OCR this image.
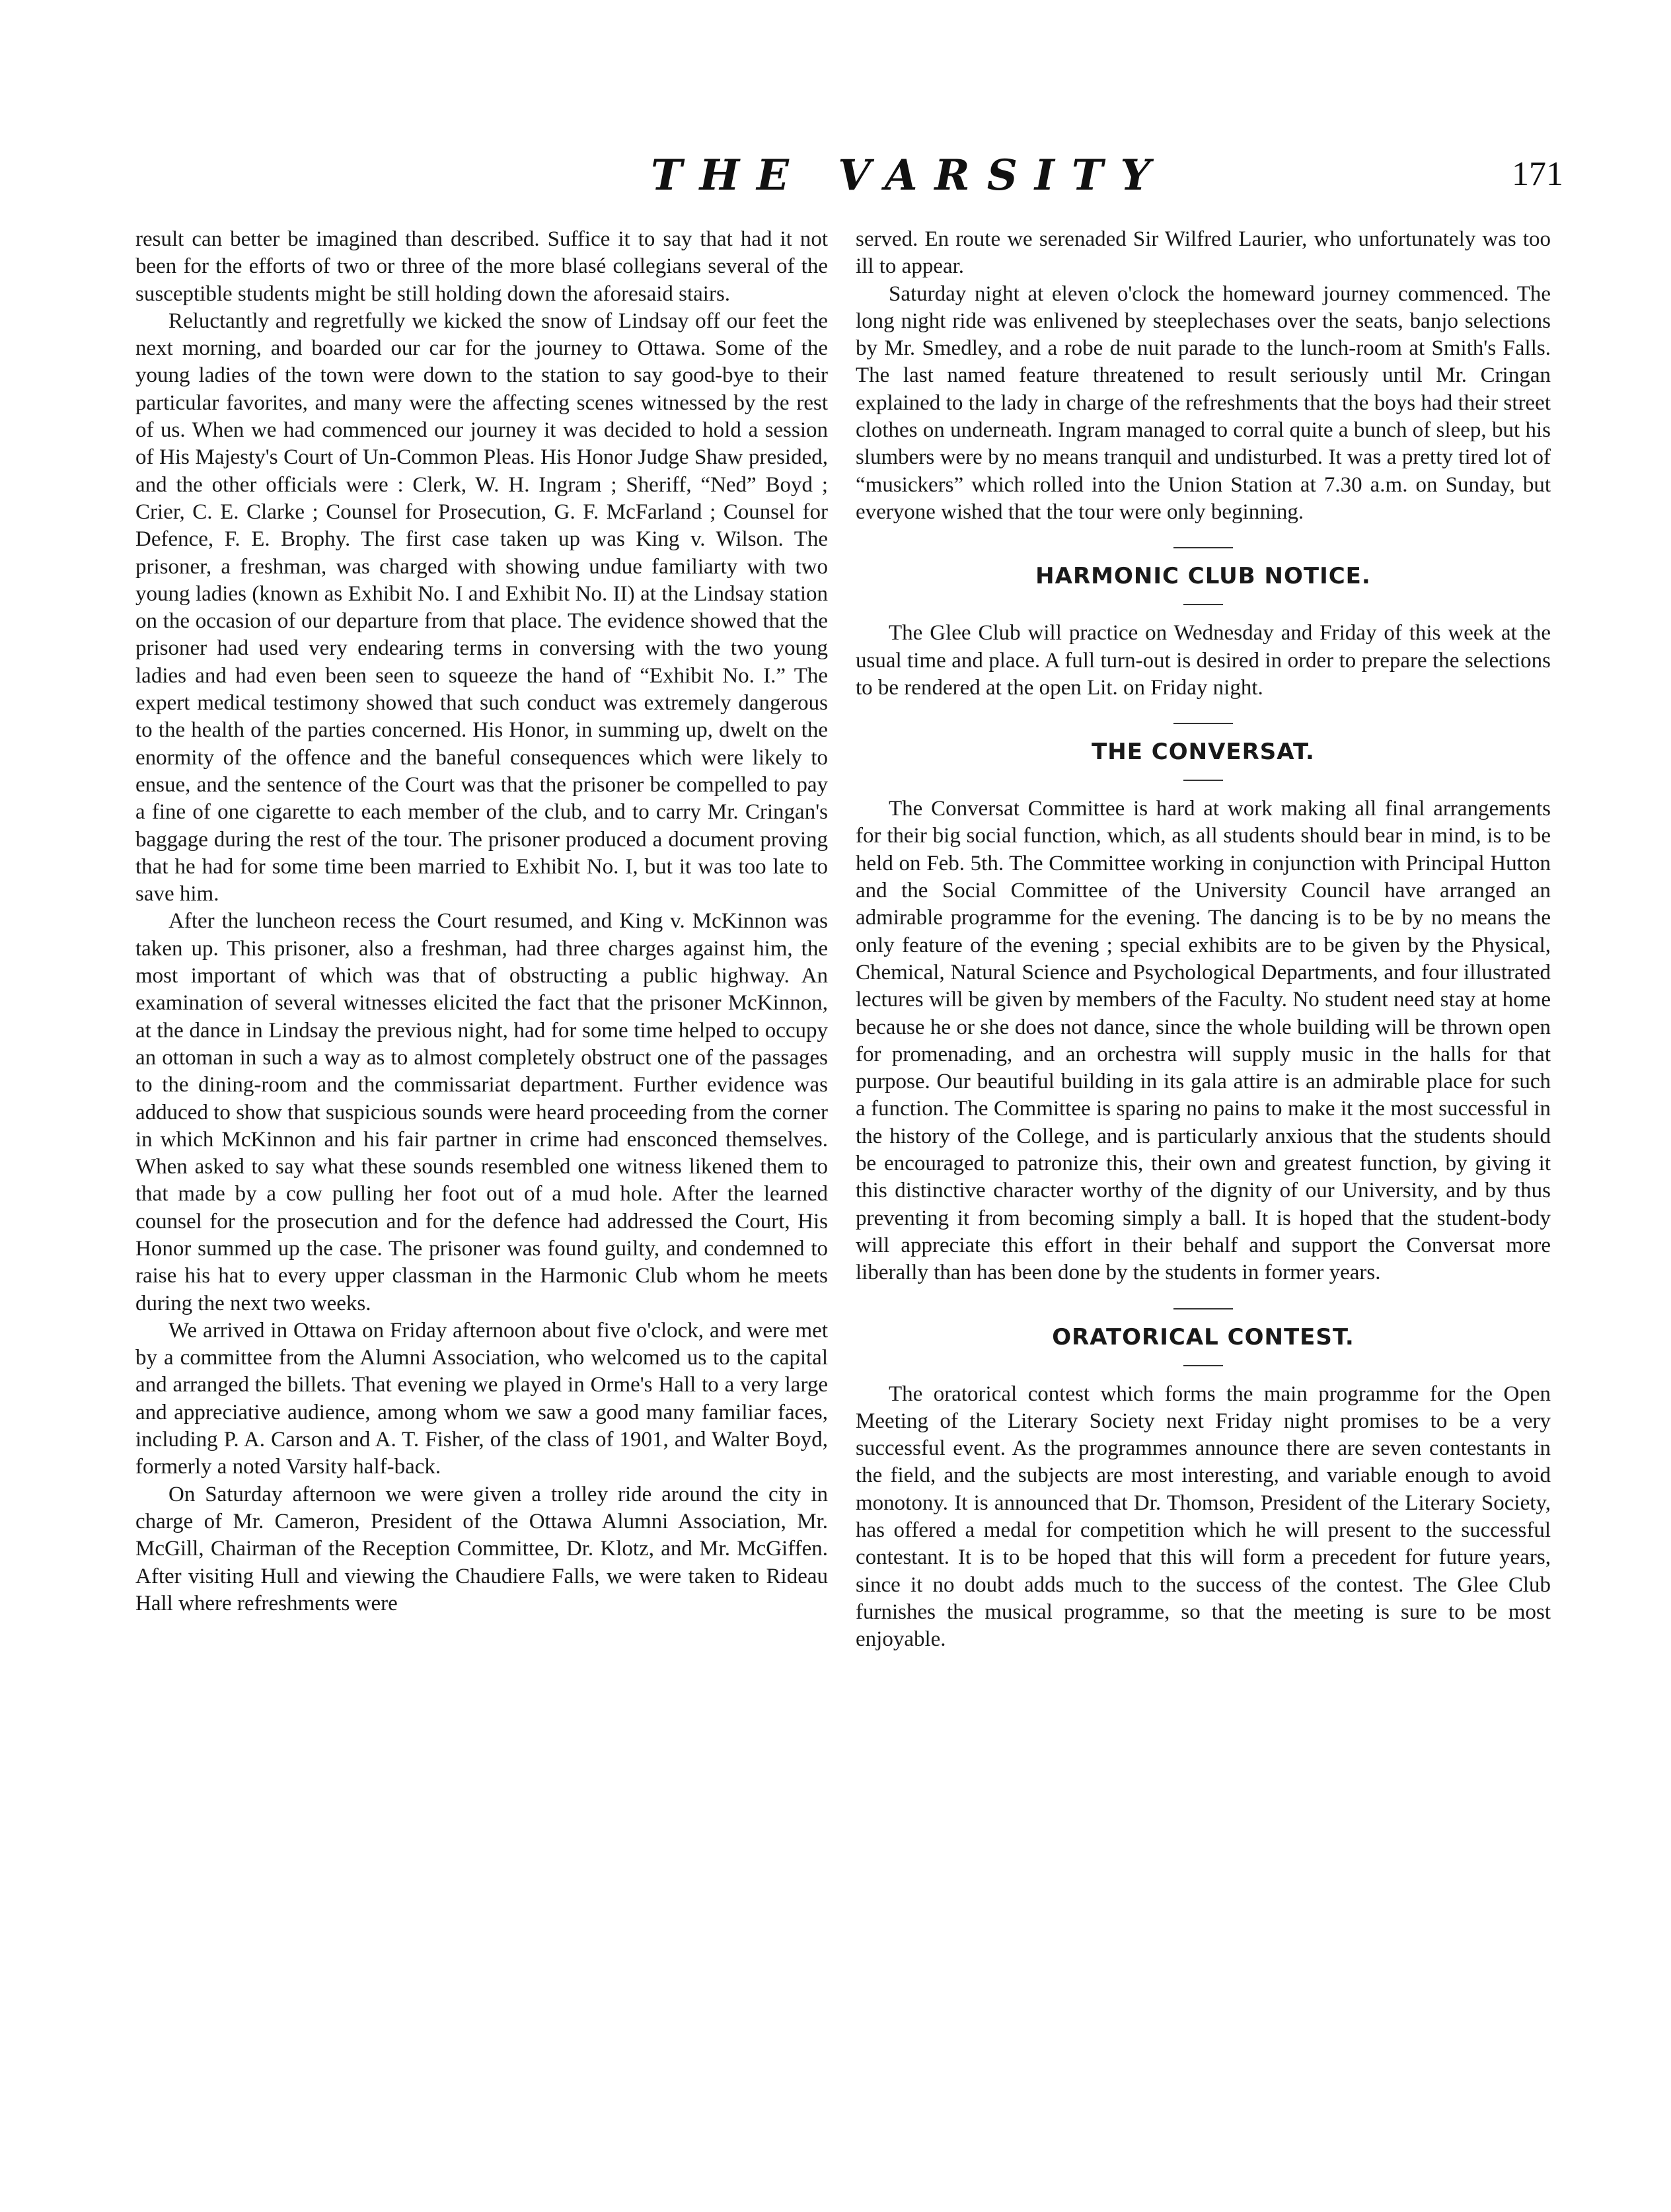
THE VARSITY	171

result can better be imagined than described. Suffice it to say that had it not been for the efforts of two or three of the more blasé collegians several of the susceptible students might be still holding down the aforesaid stairs.

Reluctantly and regretfully we kicked the snow of Lindsay off our feet the next morning, and boarded our car for the journey to Ottawa. Some of the young ladies of the town were down to the station to say good-bye to their particular favorites, and many were the affecting scenes witnessed by the rest of us. When we had commenced our journey it was decided to hold a session of His Majesty's Court of Un-Common Pleas. His Honor Judge Shaw presided, and the other officials were : Clerk, W. H. Ingram ; Sheriff, “Ned” Boyd ; Crier, C. E. Clarke ; Counsel for Prosecution, G. F. McFarland ; Counsel for Defence, F. E. Brophy. The first case taken up was King v. Wilson. The prisoner, a freshman, was charged with showing undue familiarty with two young ladies (known as Exhibit No. I and Exhibit No. II) at the Lindsay station on the occasion of our departure from that place. The evidence showed that the prisoner had used very endearing terms in conversing with the two young ladies and had even been seen to squeeze the hand of “Exhibit No. I.” The expert medical testimony showed that such conduct was extremely dangerous to the health of the parties concerned. His Honor, in summing up, dwelt on the enormity of the offence and the baneful consequences which were likely to ensue, and the sentence of the Court was that the prisoner be compelled to pay a fine of one cigarette to each member of the club, and to carry Mr. Cringan's baggage during the rest of the tour. The prisoner produced a document proving that he had for some time been married to Exhibit No. I, but it was too late to save him.

After the luncheon recess the Court resumed, and King v. McKinnon was taken up. This prisoner, also a freshman, had three charges against him, the most important of which was that of obstructing a public highway. An examination of several witnesses elicited the fact that the prisoner McKinnon, at the dance in Lindsay the previous night, had for some time helped to occupy an ottoman in such a way as to almost completely obstruct one of the passages to the dining-room and the commissariat department. Further evidence was adduced to show that suspicious sounds were heard proceeding from the corner in which McKinnon and his fair partner in crime had ensconced themselves. When asked to say what these sounds resembled one witness likened them to that made by a cow pulling her foot out of a mud hole. After the learned counsel for the prosecution and for the defence had addressed the Court, His Honor summed up the case. The prisoner was found guilty, and condemned to raise his hat to every upper classman in the Harmonic Club whom he meets during the next two weeks.

We arrived in Ottawa on Friday afternoon about five o'clock, and were met by a committee from the Alumni Association, who welcomed us to the capital and arranged the billets. That evening we played in Orme's Hall to a very large and appreciative audience, among whom we saw a good many familiar faces, including P. A. Carson and A. T. Fisher, of the class of 1901, and Walter Boyd, formerly a noted Varsity half-back.

On Saturday afternoon we were given a trolley ride around the city in charge of Mr. Cameron, President of the Ottawa Alumni Association, Mr. McGill, Chairman of the Reception Committee, Dr. Klotz, and Mr. McGiffen. After visiting Hull and viewing the Chaudiere Falls, we were taken to Rideau Hall where refreshments were

served. En route we serenaded Sir Wilfred Laurier, who unfortunately was too ill to appear.

Saturday night at eleven o'clock the homeward journey commenced. The long night ride was enlivened by steeplechases over the seats, banjo selections by Mr. Smedley, and a robe de nuit parade to the lunch-room at Smith's Falls. The last named feature threatened to result seriously until Mr. Cringan explained to the lady in charge of the refreshments that the boys had their street clothes on underneath. Ingram managed to corral quite a bunch of sleep, but his slumbers were by no means tranquil and undisturbed. It was a pretty tired lot of “musickers” which rolled into the Union Station at 7.30 a.m. on Sunday, but everyone wished that the tour were only beginning.

HARMONIC CLUB NOTICE.

The Glee Club will practice on Wednesday and Friday of this week at the usual time and place. A full turn-out is desired in order to prepare the selections to be rendered at the open Lit. on Friday night.

THE CONVERSAT.

The Conversat Committee is hard at work making all final arrangements for their big social function, which, as all students should bear in mind, is to be held on Feb. 5th. The Committee working in conjunction with Principal Hutton and the Social Committee of the University Council have arranged an admirable programme for the evening. The dancing is to be by no means the only feature of the evening ; special exhibits are to be given by the Physical, Chemical, Natural Science and Psychological Departments, and four illustrated lectures will be given by members of the Faculty. No student need stay at home because he or she does not dance, since the whole building will be thrown open for promenading, and an orchestra will supply music in the halls for that purpose. Our beautiful building in its gala attire is an admirable place for such a function. The Committee is sparing no pains to make it the most successful in the history of the College, and is particularly anxious that the students should be encouraged to patronize this, their own and greatest function, by giving it this distinctive character worthy of the dignity of our University, and by thus preventing it from becoming simply a ball. It is hoped that the student-body will appreciate this effort in their behalf and support the Conversat more liberally than has been done by the students in former years.

ORATORICAL CONTEST.

The oratorical contest which forms the main programme for the Open Meeting of the Literary Society next Friday night promises to be a very successful event. As the programmes announce there are seven contestants in the field, and the subjects are most interesting, and variable enough to avoid monotony. It is announced that Dr. Thomson, President of the Literary Society, has offered a medal for competition which he will present to the successful contestant. It is to be hoped that this will form a precedent for future years, since it no doubt adds much to the success of the contest. The Glee Club furnishes the musical programme, so that the meeting is sure to be most enjoyable.
